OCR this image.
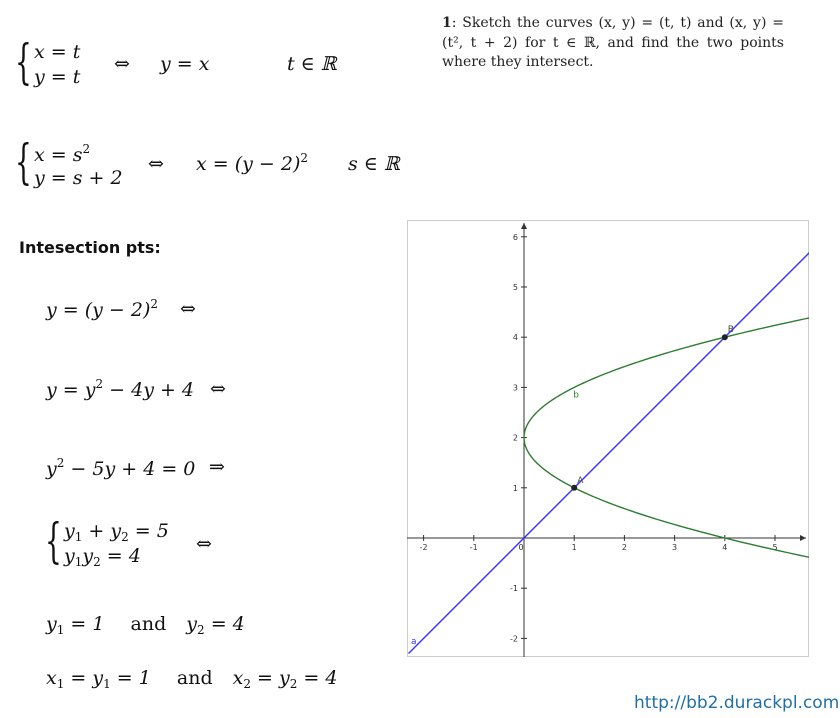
1: Sketch the curves (x, y) = (t, t) and (x, y) = (t², t + 2) for t ∈ ℝ, and find the two points where they intersect.
{ x = t
y = t
⇔ y = x	t ∈ ℝ
{ $x = s^2$
y = s + 2
⇔ $x = (y - 2)^2$ s ∈ ℝ
Intesection pts:
$y = (y - 2)^2$ ⇔
$y = y^2 - 4y + 4$ ⇔
$y^2 - 5y + 4 = 0$ ⇒
{ $y_1 + y_2 = 5$
$y_1y_2 = 4$
⇔
$y_1 = 1$ and $y_2 = 4$
$x_1 = y_1 = 1$ and $x_2 = y_2 = 4$
-2	-1	0	1	2	3	4	5
-2
-1
1
2
3
4
5
6
a
b
A
B
http://bb2.durackpl.com
